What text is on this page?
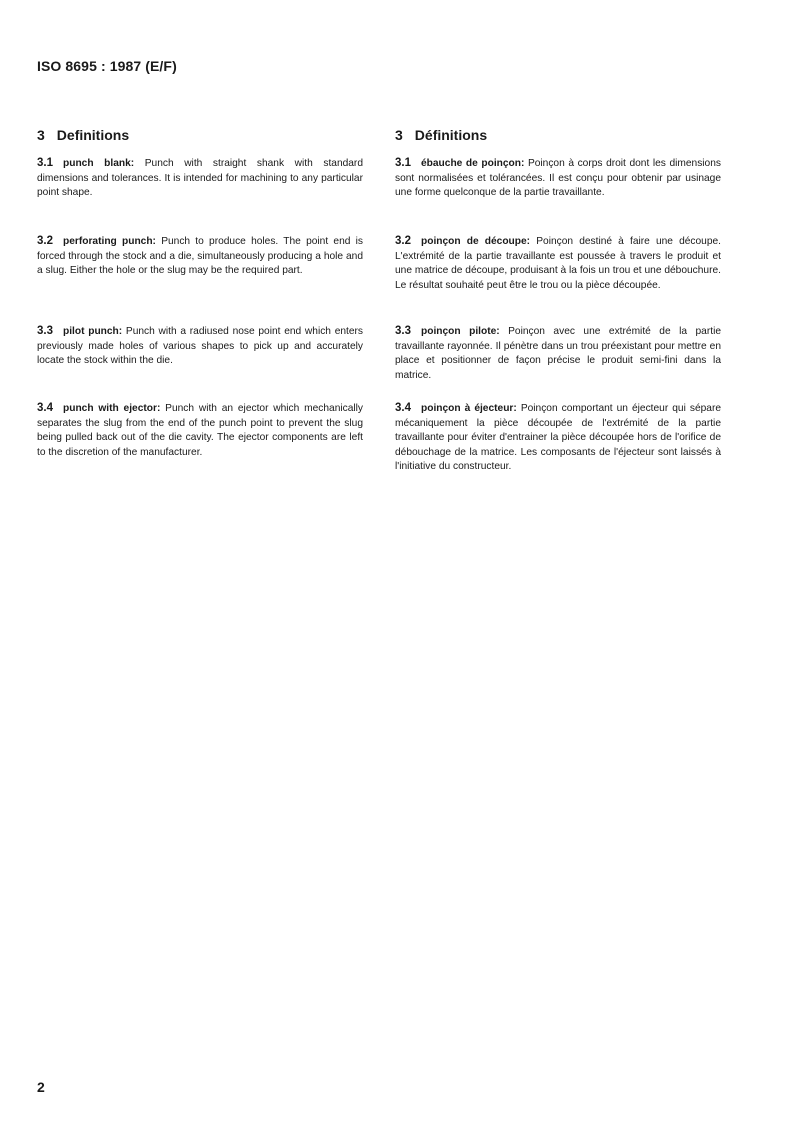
ISO 8695 : 1987 (E/F)
3 Definitions
3.1 punch blank: Punch with straight shank with standard dimensions and tolerances. It is intended for machining to any particular point shape.
3.2 perforating punch: Punch to produce holes. The point end is forced through the stock and a die, simultaneously producing a hole and a slug. Either the hole or the slug may be the required part.
3.3 pilot punch: Punch with a radiused nose point end which enters previously made holes of various shapes to pick up and accurately locate the stock within the die.
3.4 punch with ejector: Punch with an ejector which mechanically separates the slug from the end of the punch point to prevent the slug being pulled back out of the die cavity. The ejector components are left to the discretion of the manufacturer.
3 Définitions
3.1 ébauche de poinçon: Poinçon à corps droit dont les dimensions sont normalisées et tolérancées. Il est conçu pour obtenir par usinage une forme quelconque de la partie travaillante.
3.2 poinçon de découpe: Poinçon destiné à faire une découpe. L'extrémité de la partie travaillante est poussée à travers le produit et une matrice de découpe, produisant à la fois un trou et une débouchure. Le résultat souhaité peut être le trou ou la pièce découpée.
3.3 poinçon pilote: Poinçon avec une extrémité de la partie travaillante rayonnée. Il pénètre dans un trou préexistant pour mettre en place et positionner de façon précise le produit semi-fini dans la matrice.
3.4 poinçon à éjecteur: Poinçon comportant un éjecteur qui sépare mécaniquement la pièce découpée de l'extrémité de la partie travaillante pour éviter d'entrainer la pièce découpée hors de l'orifice de débouchage de la matrice. Les composants de l'éjecteur sont laissés à l'initiative du constructeur.
2
